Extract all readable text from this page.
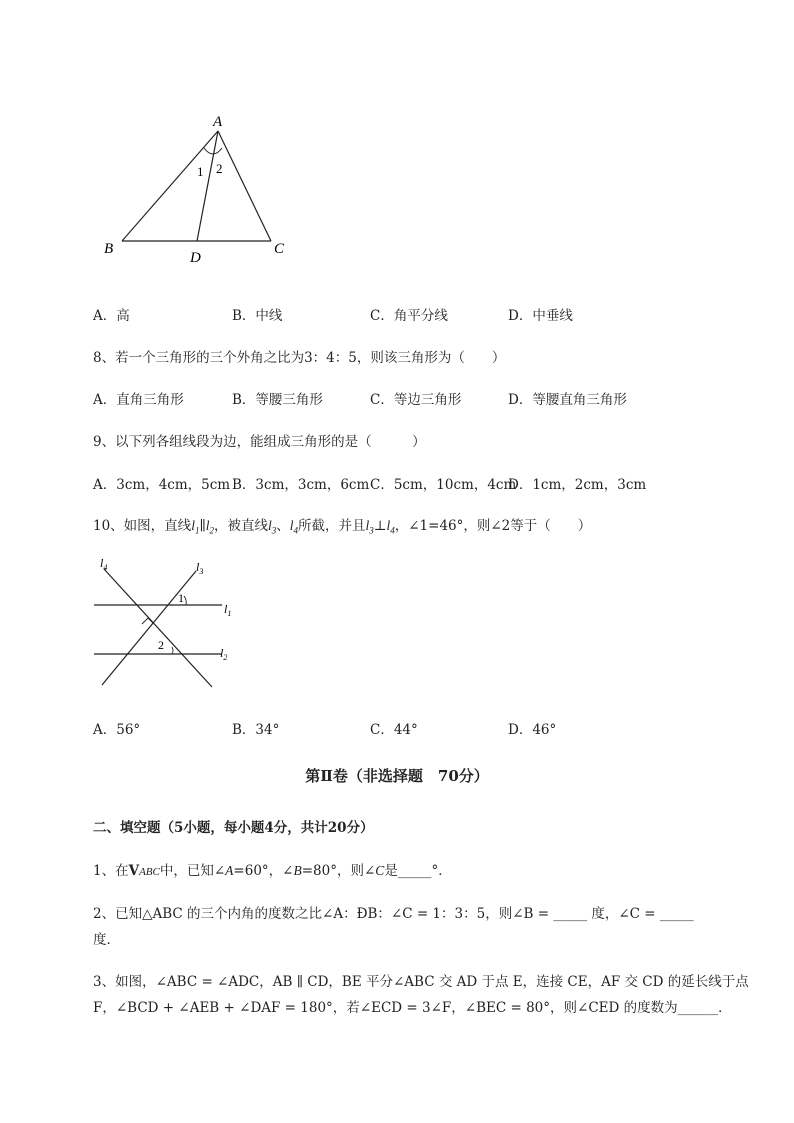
A
B	C
D
1 2
A．高	B．中线	C．角平分线	D．中垂线
8、若一个三角形的三个外角之比为3：4：5，则该三角形为（　　）
A．直角三角形	B．等腰三角形	C．等边三角形	D．等腰直角三角形
9、以下列各组线段为边，能组成三角形的是（　　　）
A．3cm，4cm，5cm B．3cm，3cm，6cm C．5cm，10cm，4cm
D．1cm，2cm，3cm
10、如图，直线$l_1\parallel l_2$，被直线$l_3$、$l_4$所截，并且$l_3\perp l_4$，∠1=46°，则∠2等于（　　）
$l_4$	$l_3$
$l_1$
$l_2$
1
2
A．56°	B．34°	C．44°	D．46°
第Ⅱ卷（非选择题　70分）
二、填空题（5小题，每小题4分，共计20分）
1、在VABC中，已知∠A=60°，∠B=80°，则∠C是_____°．
2、已知△ABC 的三个内角的度数之比∠A：ÐB：∠C = 1：3：5，则∠B = _____ 度，∠C = _____
度．
3、如图，∠ABC = ∠ADC，AB ∥ CD，BE 平分∠ABC 交 AD 于点 E，连接 CE，AF 交 CD 的延长线于点
F，∠BCD + ∠AEB + ∠DAF = 180°，若∠ECD = 3∠F，∠BEC = 80°，则∠CED 的度数为______．
